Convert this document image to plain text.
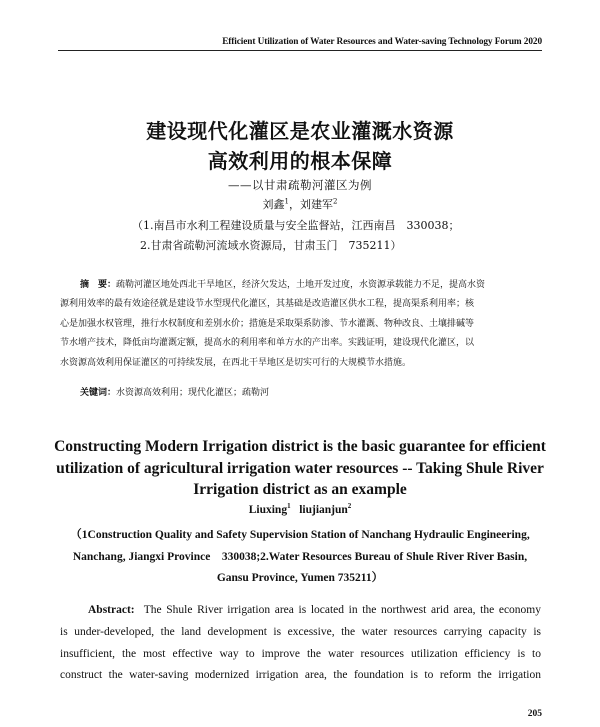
Efficient Utilization of Water Resources and Water-saving Technology Forum 2020
建设现代化灌区是农业灌溉水资源
高效利用的根本保障
——以甘肃疏勒河灌区为例
刘鑫$^1$，刘建军$^2$
（1.南昌市水利工程建设质量与安全监督站，江西南昌　330038；
2.甘肃省疏勒河流域水资源局，甘肃玉门　735211）
摘　要：疏勒河灌区地处西北干旱地区，经济欠发达，土地开发过度，水资源承载能力不足，提高水资
源利用效率的最有效途径就是建设节水型现代化灌区，其基础是改造灌区供水工程，提高渠系利用率；核
心是加强水权管理，推行水权制度和差别水价；措施是采取渠系防渗、节水灌溉、物种改良、土壤排碱等
节水增产技术，降低亩均灌溉定额，提高水的利用率和单方水的产出率。实践证明，建设现代化灌区，以
水资源高效利用保证灌区的可持续发展，在西北干旱地区是切实可行的大规模节水措施。
关键词：水资源高效利用；现代化灌区；疏勒河
Constructing Modern Irrigation district is the basic guarantee for efficient
utilization of agricultural irrigation water resources -- Taking Shule River
Irrigation district as an example
Liuxing$^1$ liujianjun$^2$
（1Construction Quality and Safety Supervision Station of Nanchang Hydraulic Engineering,
Nanchang, Jiangxi Province　330038;2.Water Resources Bureau of Shule River River Basin,
Gansu Province, Yumen 735211）
Abstract: The Shule River irrigation area is located in the northwest arid area, the economy
is under-developed, the land development is excessive, the water resources carrying capacity is
insufficient, the most effective way to improve the water resources utilization efficiency is to
construct the water-saving modernized irrigation area, the foundation is to reform the irrigation
205
